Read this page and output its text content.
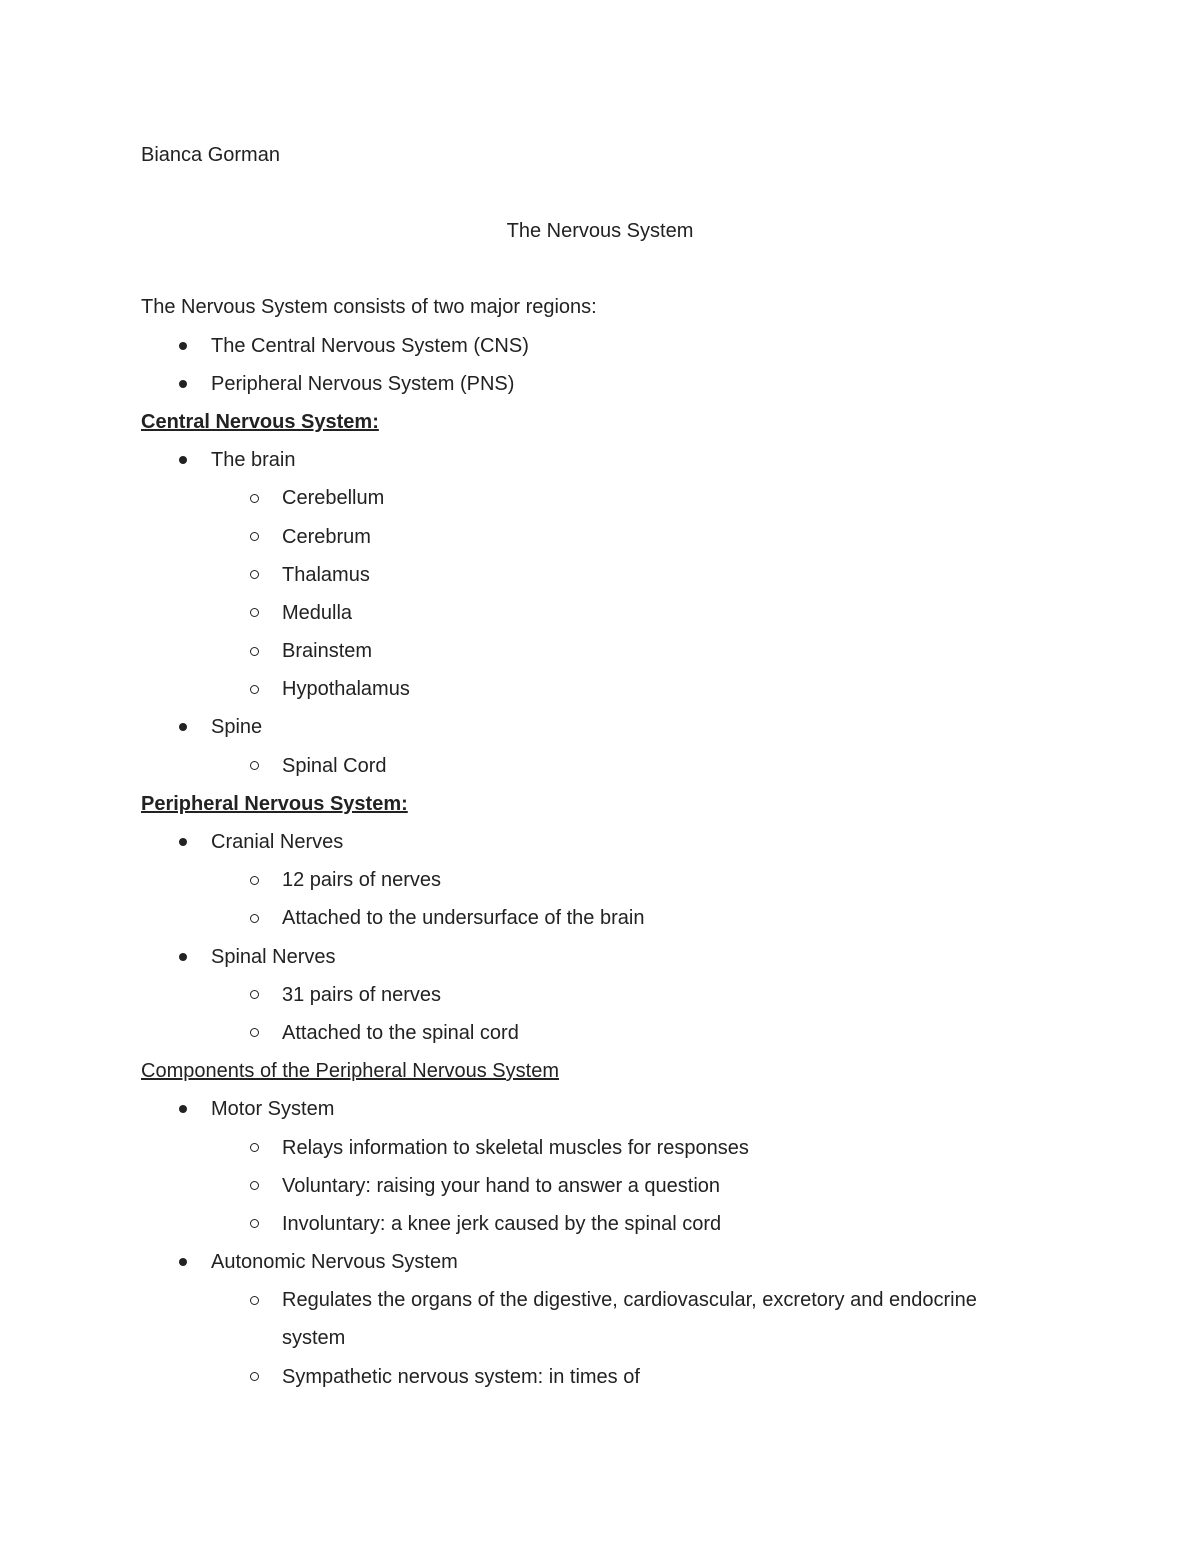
Bianca Gorman
The Nervous System
The Nervous System consists of two major regions:
The Central Nervous System (CNS)
Peripheral Nervous System (PNS)
Central Nervous System:
The brain
Cerebellum
Cerebrum
Thalamus
Medulla
Brainstem
Hypothalamus
Spine
Spinal Cord
Peripheral Nervous System:
Cranial Nerves
12 pairs of nerves
Attached to the undersurface of the brain
Spinal Nerves
31 pairs of nerves
Attached to the spinal cord
Components of the Peripheral Nervous System
Motor System
Relays information to skeletal muscles for responses
Voluntary: raising your hand to answer a question
Involuntary: a knee jerk caused by the spinal cord
Autonomic Nervous System
Regulates the organs of the digestive, cardiovascular, excretory and endocrine
system
Sympathetic nervous system: in times of
